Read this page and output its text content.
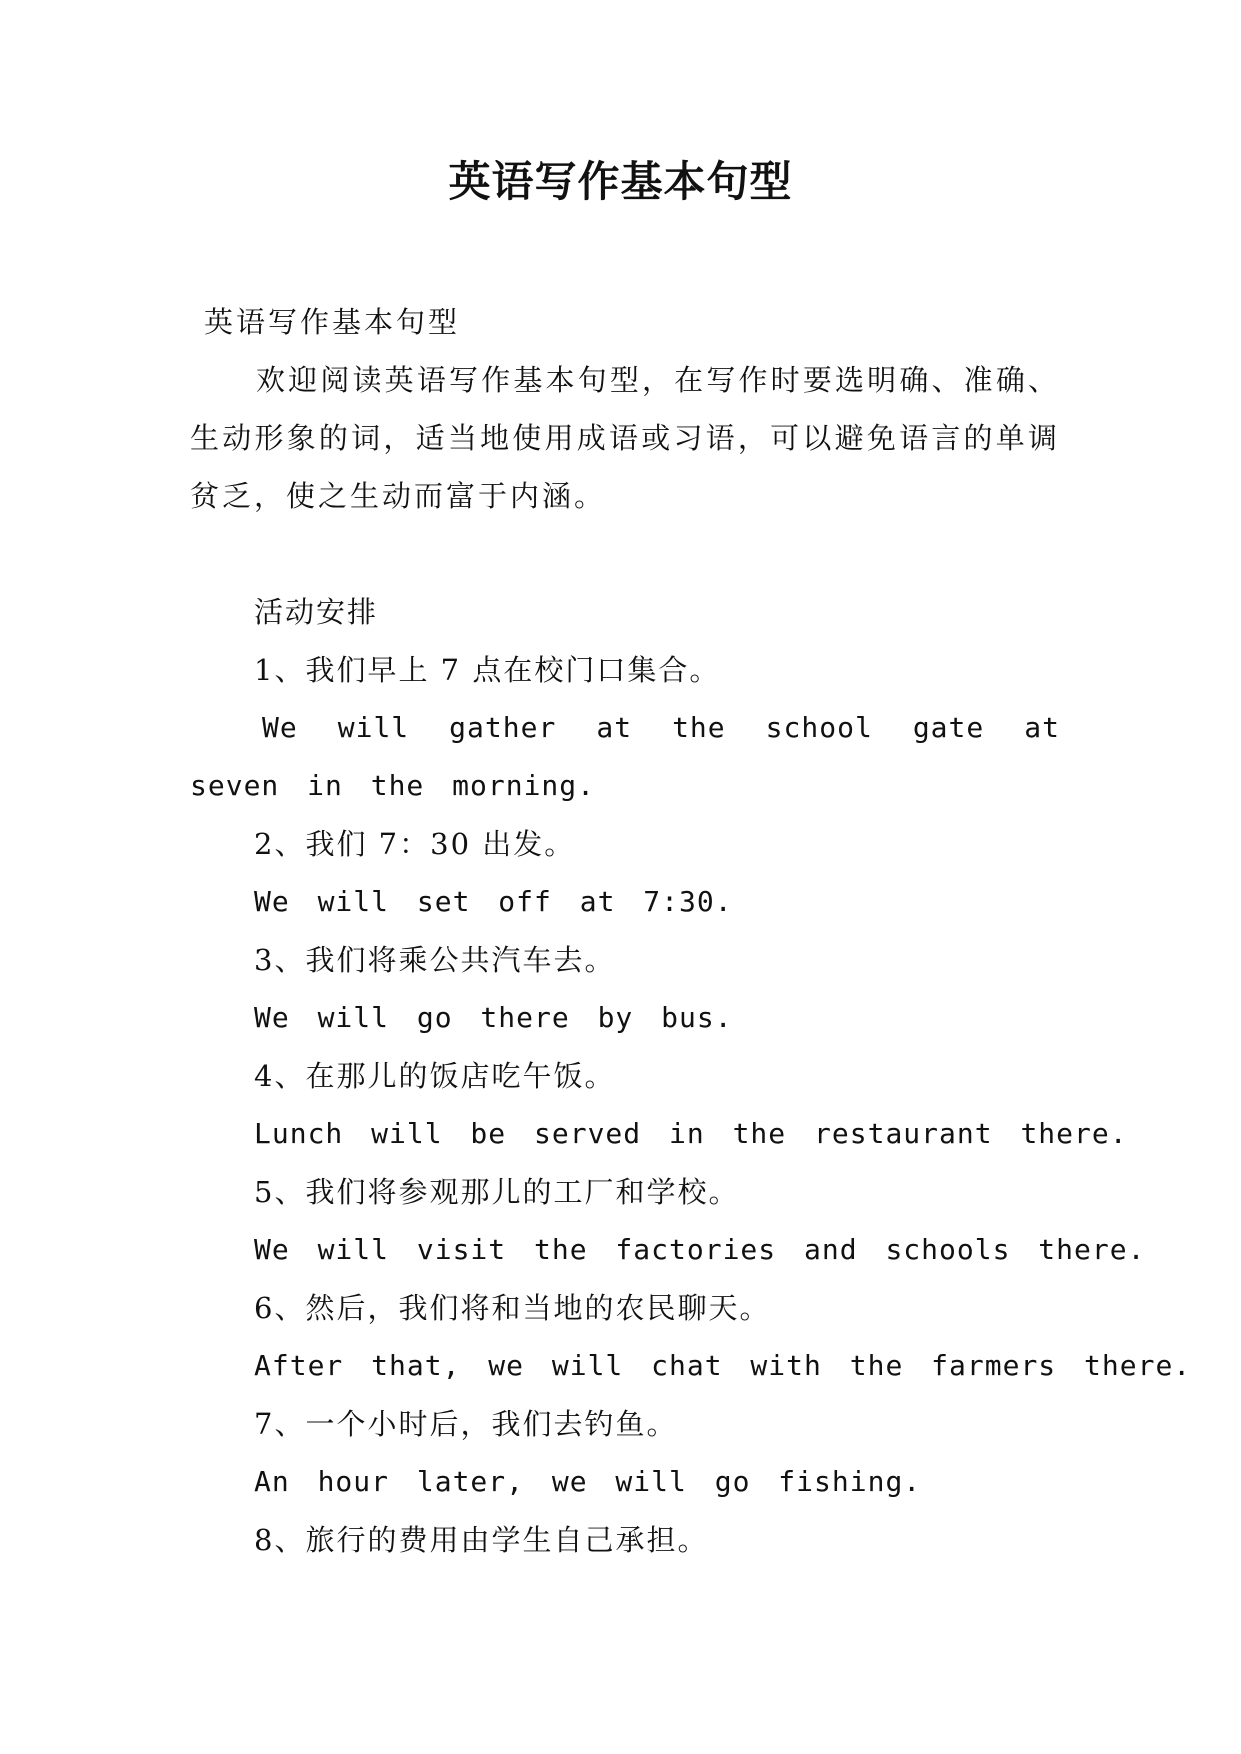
英语写作基本句型

英语写作基本句型

欢迎阅读英语写作基本句型，在写作时要选明确、准确、生动形象的词，适当地使用成语或习语，可以避免语言的单调贫乏，使之生动而富于内涵。

活动安排

1、我们早上 7 点在校门口集合。

We will gather at the school gate at seven in the morning.

2、我们 7：30 出发。

We will set off at 7:30.

3、我们将乘公共汽车去。

We will go there by bus.

4、在那儿的饭店吃午饭。

Lunch will be served in the restaurant there.

5、我们将参观那儿的工厂和学校。

We will visit the factories and schools there.

6、然后，我们将和当地的农民聊天。

After that, we will chat with the farmers there.

7、一个小时后，我们去钓鱼。

An hour later, we will go fishing.

8、旅行的费用由学生自己承担。
